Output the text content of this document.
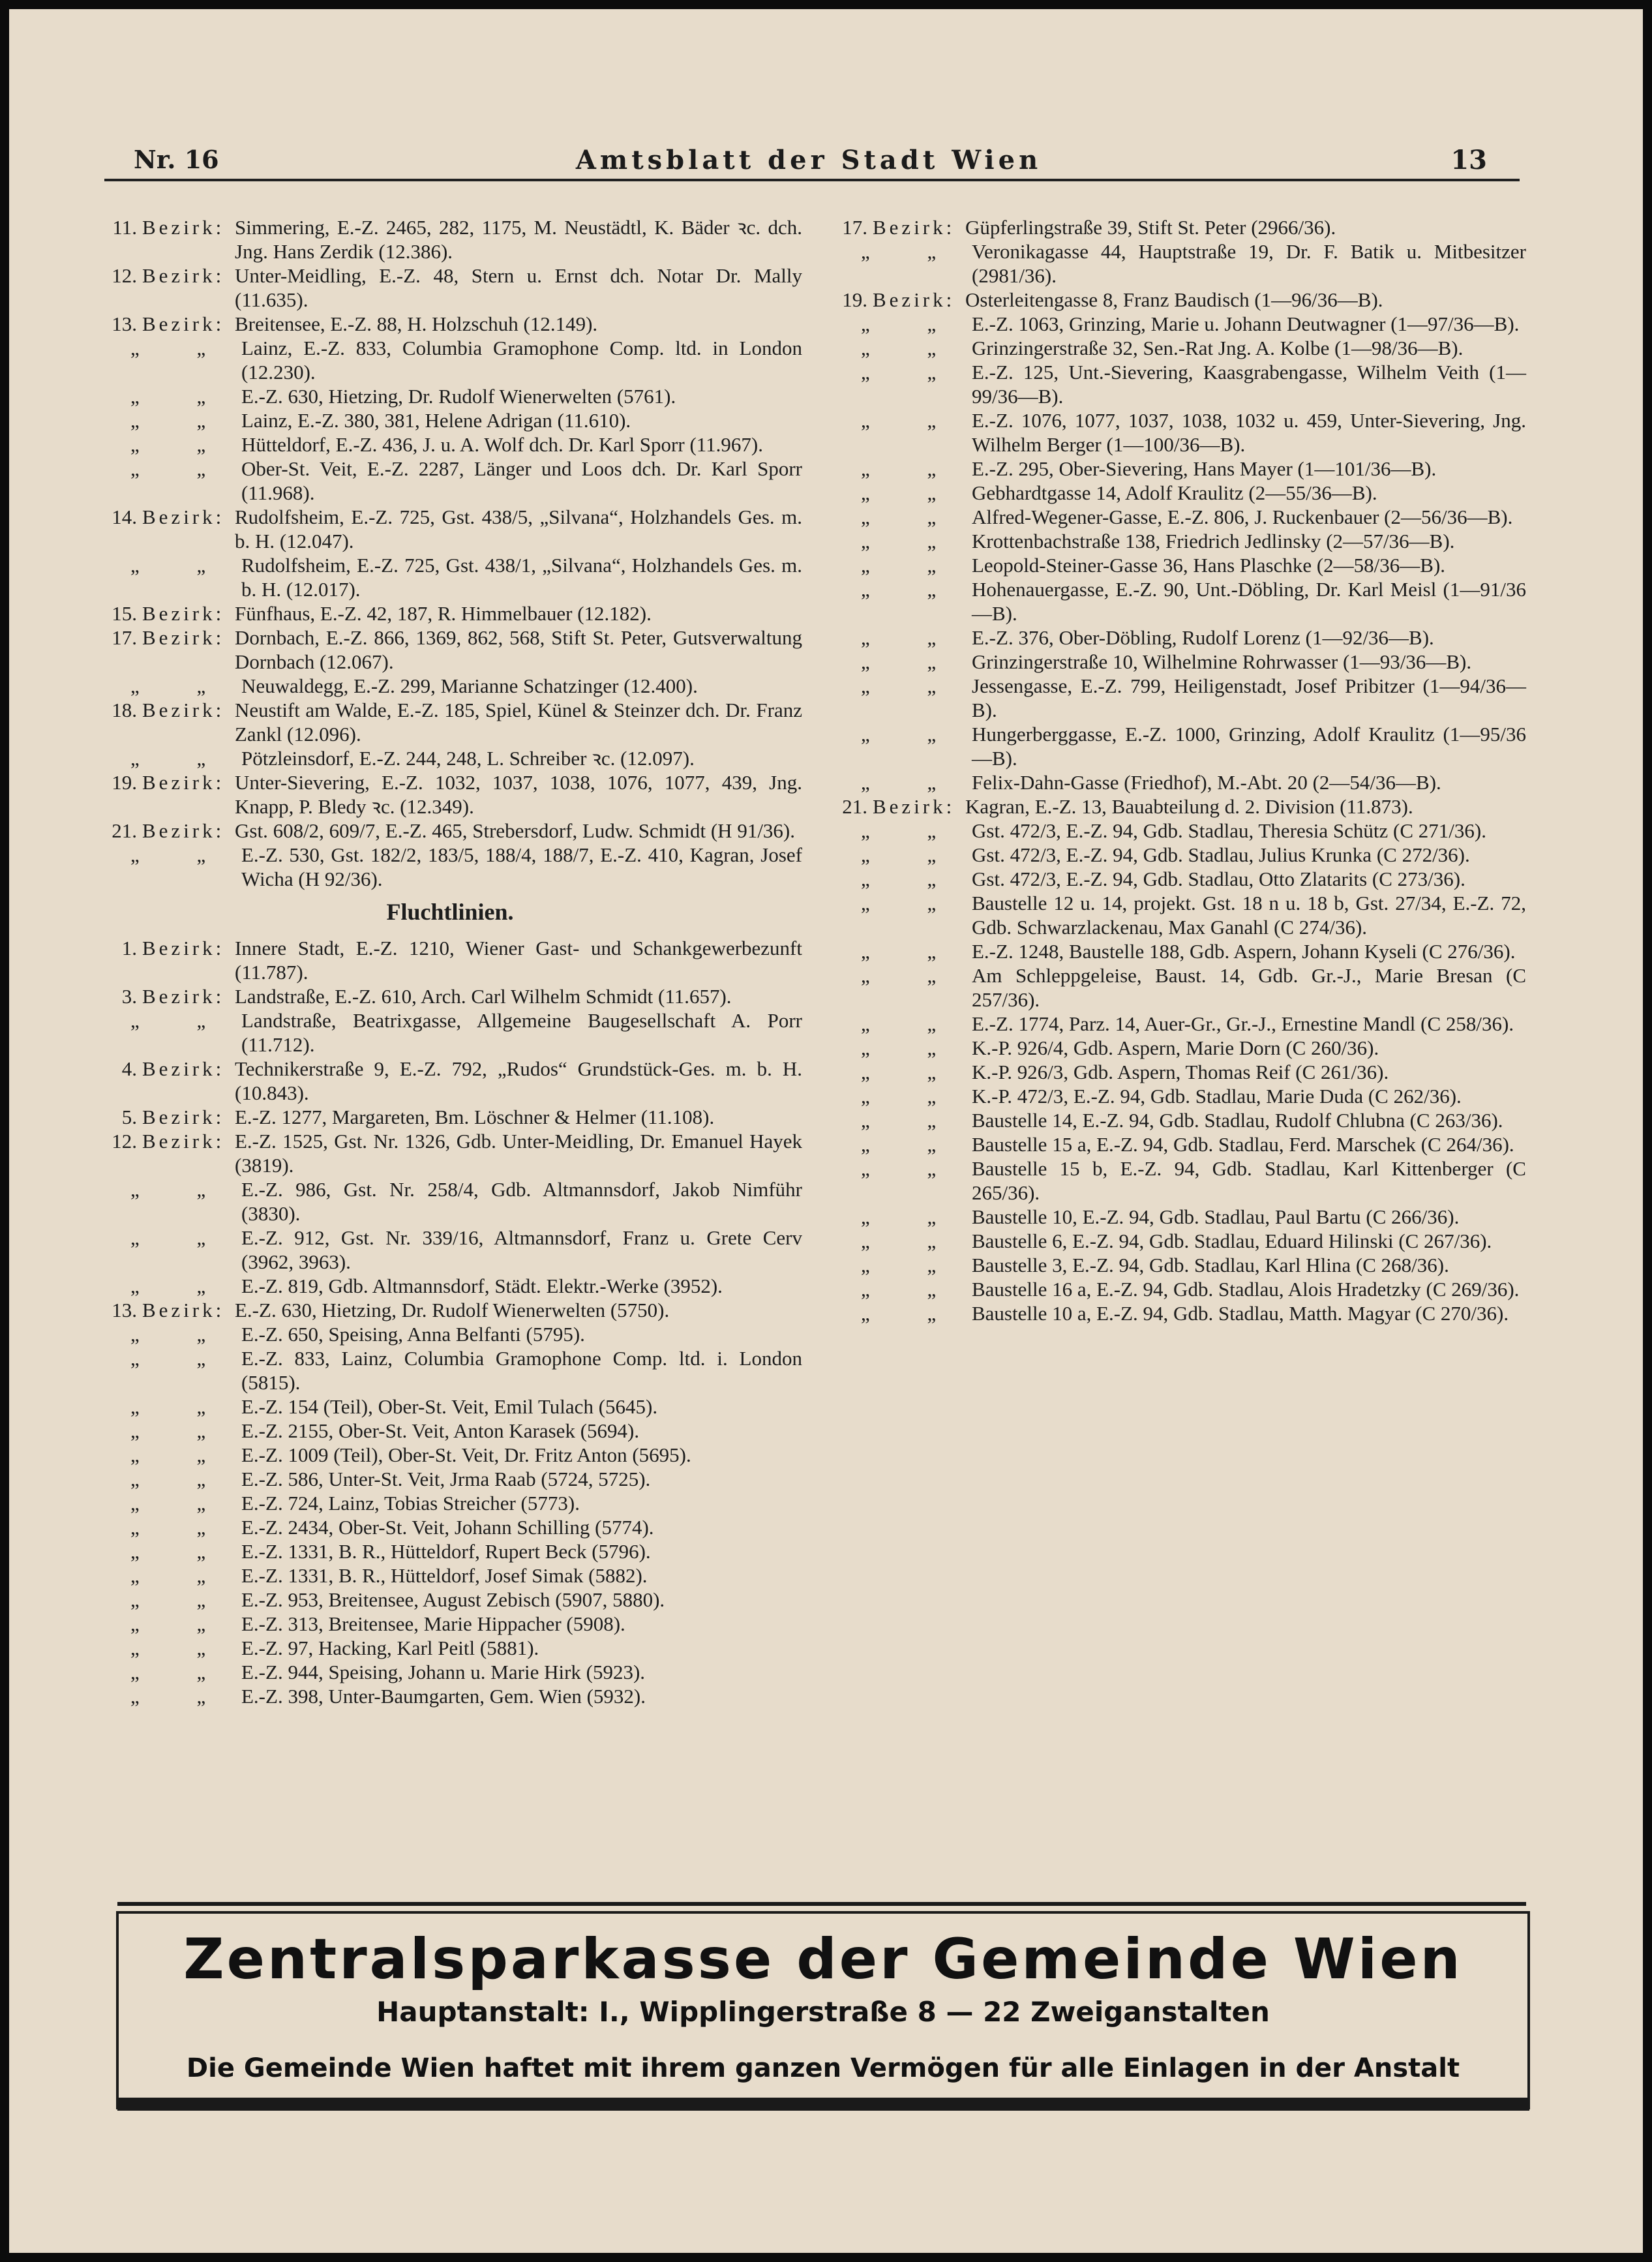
Nr. 16	Amtsblatt der Stadt Wien	13
11. Bezirk: Simmering, E.-Z. 2465, 282, 1175, M. Neustädtl, K. Bäder ꝛc. dch. Jng. Hans Zerdik (12.386).
12. Bezirk: Unter-Meidling, E.-Z. 48, Stern u. Ernst dch. Notar Dr. Mally (11.635).
13. Bezirk: Breitensee, E.-Z. 88, H. Holzschuh (12.149).
„ „ Lainz, E.-Z. 833, Columbia Gramophone Comp. ltd. in London (12.230).
„ „ E.-Z. 630, Hietzing, Dr. Rudolf Wienerwelten (5761).
„ „ Lainz, E.-Z. 380, 381, Helene Adrigan (11.610).
„ „ Hütteldorf, E.-Z. 436, J. u. A. Wolf dch. Dr. Karl Sporr (11.967).
„ „ Ober-St. Veit, E.-Z. 2287, Länger und Loos dch. Dr. Karl Sporr (11.968).
14. Bezirk: Rudolfsheim, E.-Z. 725, Gst. 438/5, „Silvana“, Holzhandels Ges. m. b. H. (12.047).
„ „ Rudolfsheim, E.-Z. 725, Gst. 438/1, „Silvana“, Holzhandels Ges. m. b. H. (12.017).
15. Bezirk: Fünfhaus, E.-Z. 42, 187, R. Himmelbauer (12.182).
17. Bezirk: Dornbach, E.-Z. 866, 1369, 862, 568, Stift St. Peter, Gutsverwaltung Dornbach (12.067).
„ „ Neuwaldegg, E.-Z. 299, Marianne Schatzinger (12.400).
18. Bezirk: Neustift am Walde, E.-Z. 185, Spiel, Künel & Steinzer dch. Dr. Franz Zankl (12.096).
„ „ Pötzleinsdorf, E.-Z. 244, 248, L. Schreiber ꝛc. (12.097).
19. Bezirk: Unter-Sievering, E.-Z. 1032, 1037, 1038, 1076, 1077, 439, Jng. Knapp, P. Bledy ꝛc. (12.349).
21. Bezirk: Gst. 608/2, 609/7, E.-Z. 465, Strebersdorf, Ludw. Schmidt (H 91/36).
„ „ E.-Z. 530, Gst. 182/2, 183/5, 188/4, 188/7, E.-Z. 410, Kagran, Josef Wicha (H 92/36).
Fluchtlinien.
1. Bezirk: Innere Stadt, E.-Z. 1210, Wiener Gast- und Schankgewerbezunft (11.787).
3. Bezirk: Landstraße, E.-Z. 610, Arch. Carl Wilhelm Schmidt (11.657).
„ „ Landstraße, Beatrixgasse, Allgemeine Baugesellschaft A. Porr (11.712).
4. Bezirk: Technikerstraße 9, E.-Z. 792, „Rudos“ Grundstück-Ges. m. b. H. (10.843).
5. Bezirk: E.-Z. 1277, Margareten, Bm. Löschner & Helmer (11.108).
12. Bezirk: E.-Z. 1525, Gst. Nr. 1326, Gdb. Unter-Meidling, Dr. Emanuel Hayek (3819).
„ „ E.-Z. 986, Gst. Nr. 258/4, Gdb. Altmannsdorf, Jakob Nimführ (3830).
„ „ E.-Z. 912, Gst. Nr. 339/16, Altmannsdorf, Franz u. Grete Cerv (3962, 3963).
„ „ E.-Z. 819, Gdb. Altmannsdorf, Städt. Elektr.-Werke (3952).
13. Bezirk: E.-Z. 630, Hietzing, Dr. Rudolf Wienerwelten (5750).
„ „ E.-Z. 650, Speising, Anna Belfanti (5795).
„ „ E.-Z. 833, Lainz, Columbia Gramophone Comp. ltd. i. London (5815).
„ „ E.-Z. 154 (Teil), Ober-St. Veit, Emil Tulach (5645).
„ „ E.-Z. 2155, Ober-St. Veit, Anton Karasek (5694).
„ „ E.-Z. 1009 (Teil), Ober-St. Veit, Dr. Fritz Anton (5695).
„ „ E.-Z. 586, Unter-St. Veit, Jrma Raab (5724, 5725).
„ „ E.-Z. 724, Lainz, Tobias Streicher (5773).
„ „ E.-Z. 2434, Ober-St. Veit, Johann Schilling (5774).
„ „ E.-Z. 1331, B. R., Hütteldorf, Rupert Beck (5796).
„ „ E.-Z. 1331, B. R., Hütteldorf, Josef Simak (5882).
„ „ E.-Z. 953, Breitensee, August Zebisch (5907, 5880).
„ „ E.-Z. 313, Breitensee, Marie Hippacher (5908).
„ „ E.-Z. 97, Hacking, Karl Peitl (5881).
„ „ E.-Z. 944, Speising, Johann u. Marie Hirk (5923).
„ „ E.-Z. 398, Unter-Baumgarten, Gem. Wien (5932).
17. Bezirk: Güpferlingstraße 39, Stift St. Peter (2966/36).
„ „ Veronikagasse 44, Hauptstraße 19, Dr. F. Batik u. Mitbesitzer (2981/36).
19. Bezirk: Osterleitengasse 8, Franz Baudisch (1—96/36—B).
„ „ E.-Z. 1063, Grinzing, Marie u. Johann Deutwagner (1—97/36—B).
„ „ Grinzingerstraße 32, Sen.-Rat Jng. A. Kolbe (1—98/36—B).
„ „ E.-Z. 125, Unt.-Sievering, Kaasgrabengasse, Wilhelm Veith (1—99/36—B).
„ „ E.-Z. 1076, 1077, 1037, 1038, 1032 u. 459, Unter-Sievering, Jng. Wilhelm Berger (1—100/36—B).
„ „ E.-Z. 295, Ober-Sievering, Hans Mayer (1—101/36—B).
„ „ Gebhardtgasse 14, Adolf Kraulitz (2—55/36—B).
„ „ Alfred-Wegener-Gasse, E.-Z. 806, J. Ruckenbauer (2—56/36—B).
„ „ Krottenbachstraße 138, Friedrich Jedlinsky (2—57/36—B).
„ „ Leopold-Steiner-Gasse 36, Hans Plaschke (2—58/36—B).
„ „ Hohenauergasse, E.-Z. 90, Unt.-Döbling, Dr. Karl Meisl (1—91/36—B).
„ „ E.-Z. 376, Ober-Döbling, Rudolf Lorenz (1—92/36—B).
„ „ Grinzingerstraße 10, Wilhelmine Rohrwasser (1—93/36—B).
„ „ Jessengasse, E.-Z. 799, Heiligenstadt, Josef Pribitzer (1—94/36—B).
„ „ Hungerberggasse, E.-Z. 1000, Grinzing, Adolf Kraulitz (1—95/36—B).
„ „ Felix-Dahn-Gasse (Friedhof), M.-Abt. 20 (2—54/36—B).
21. Bezirk: Kagran, E.-Z. 13, Bauabteilung d. 2. Division (11.873).
„ „ Gst. 472/3, E.-Z. 94, Gdb. Stadlau, Theresia Schütz (C 271/36).
„ „ Gst. 472/3, E.-Z. 94, Gdb. Stadlau, Julius Krunka (C 272/36).
„ „ Gst. 472/3, E.-Z. 94, Gdb. Stadlau, Otto Zlatarits (C 273/36).
„ „ Baustelle 12 u. 14, projekt. Gst. 18 n u. 18 b, Gst. 27/34, E.-Z. 72, Gdb. Schwarzlackenau, Max Ganahl (C 274/36).
„ „ E.-Z. 1248, Baustelle 188, Gdb. Aspern, Johann Kyseli (C 276/36).
„ „ Am Schleppgeleise, Baust. 14, Gdb. Gr.-J., Marie Bresan (C 257/36).
„ „ E.-Z. 1774, Parz. 14, Auer-Gr., Gr.-J., Ernestine Mandl (C 258/36).
„ „ K.-P. 926/4, Gdb. Aspern, Marie Dorn (C 260/36).
„ „ K.-P. 926/3, Gdb. Aspern, Thomas Reif (C 261/36).
„ „ K.-P. 472/3, E.-Z. 94, Gdb. Stadlau, Marie Duda (C 262/36).
„ „ Baustelle 14, E.-Z. 94, Gdb. Stadlau, Rudolf Chlubna (C 263/36).
„ „ Baustelle 15 a, E.-Z. 94, Gdb. Stadlau, Ferd. Marschek (C 264/36).
„ „ Baustelle 15 b, E.-Z. 94, Gdb. Stadlau, Karl Kittenberger (C 265/36).
„ „ Baustelle 10, E.-Z. 94, Gdb. Stadlau, Paul Bartu (C 266/36).
„ „ Baustelle 6, E.-Z. 94, Gdb. Stadlau, Eduard Hilinski (C 267/36).
„ „ Baustelle 3, E.-Z. 94, Gdb. Stadlau, Karl Hlina (C 268/36).
„ „ Baustelle 16 a, E.-Z. 94, Gdb. Stadlau, Alois Hradetzky (C 269/36).
„ „ Baustelle 10 a, E.-Z. 94, Gdb. Stadlau, Matth. Magyar (C 270/36).
Zentralsparkasse der Gemeinde Wien
Hauptanstalt: I., Wipplingerstraße 8 — 22 Zweiganstalten
Die Gemeinde Wien haftet mit ihrem ganzen Vermögen für alle Einlagen in der Anstalt
